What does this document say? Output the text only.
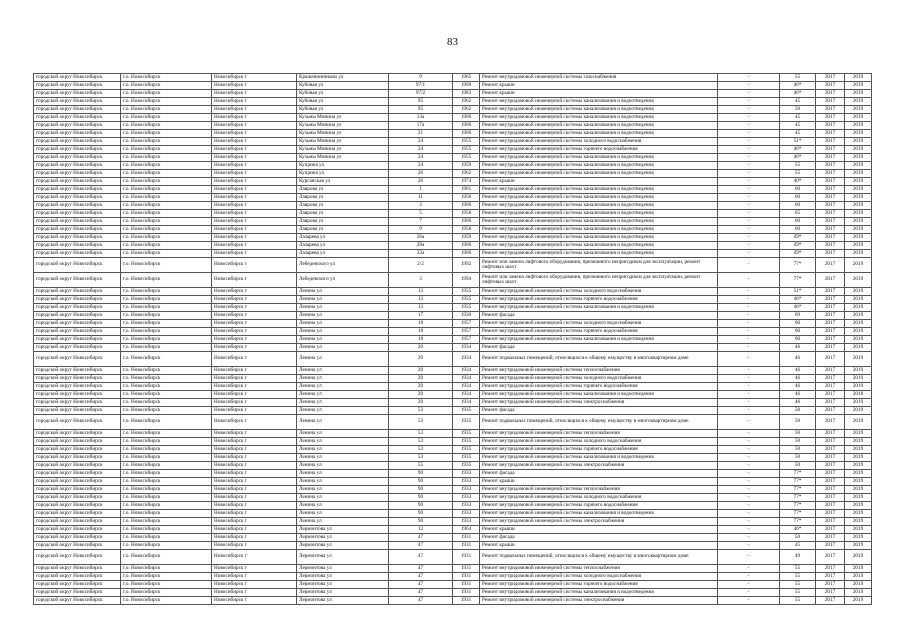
83
городской округ Новосибирск	г.о. Новосибирск	Новосибирск г	Крашенинникова ул	9	1965	Ремонт внутридомовой инженерной системы газоснабжения	-	55	2017	2019
городской округ Новосибирск	г.о. Новосибирск	Новосибирск г	Кубовая ул	97/1	1969	Ремонт крыши	-	46*	2017	2019
городской округ Новосибирск	г.о. Новосибирск	Новосибирск г	Кубовая ул	97/2	1983	Ремонт крыши	-	46*	2017	2019
городской округ Новосибирск	г.о. Новосибирск	Новосибирск г	Кубовая ул	95	1962	Ремонт внутридомовой инженерной системы канализования и водоотведения	-	45	2017	2019
городской округ Новосибирск	г.о. Новосибирск	Новосибирск г	Кубовая ул	95	1962	Ремонт внутридомовой инженерной системы канализования и водоотведения	-	50	2017	2019
городской округ Новосибирск	г.о. Новосибирск	Новосибирск г	Кузьмы Минина ул	13а	1960	Ремонт внутридомовой инженерной системы канализования и водоотведения	-	45	2017	2019
городской округ Новосибирск	г.о. Новосибирск	Новосибирск г	Кузьмы Минина ул	17а	1960	Ремонт внутридомовой инженерной системы канализования и водоотведения	-	45	2017	2019
городской округ Новосибирск	г.о. Новосибирск	Новосибирск г	Кузьмы Минина ул	21	1960	Ремонт внутридомовой инженерной системы канализования и водоотведения	-	45	2017	2019
городской округ Новосибирск	г.о. Новосибирск	Новосибирск г	Кузьмы Минина ул	24	1955	Ремонт внутридомовой инженерной системы холодного водоснабжения	-	51*	2017	2019
городской округ Новосибирск	г.о. Новосибирск	Новосибирск г	Кузьмы Минина ул	24	1955	Ремонт внутридомовой инженерной системы горячего водоснабжения	-	46*	2017	2019
городской округ Новосибирск	г.о. Новосибирск	Новосибирск г	Кузьмы Минина ул	24	1955	Ремонт внутридомовой инженерной системы канализования и водоотведения	-	46*	2017	2019
городской округ Новосибирск	г.о. Новосибирск	Новосибирск г	Куприна ул	24	1959	Ремонт внутридомовой инженерной системы канализования и водоотведения	-	55	2017	2019
городской округ Новосибирск	г.о. Новосибирск	Новосибирск г	Куприна ул	26	1962	Ремонт внутридомовой инженерной системы канализования и водоотведения	-	55	2017	2019
городской округ Новосибирск	г.о. Новосибирск	Новосибирск г	Курганская ул	26	1974	Ремонт крыши	-	40*	2017	2019
городской округ Новосибирск	г.о. Новосибирск	Новосибирск г	Лаврова ул	1	1961	Ремонт внутридомовой инженерной системы канализования и водоотведения	-	60	2017	2019
городской округ Новосибирск	г.о. Новосибирск	Новосибирск г	Лаврова ул	11	1956	Ремонт внутридомовой инженерной системы канализования и водоотведения	-	60	2017	2019
городской округ Новосибирск	г.о. Новосибирск	Новосибирск г	Лаврова ул	3	1960	Ремонт внутридомовой инженерной системы канализования и водоотведения	-	60	2017	2019
городской округ Новосибирск	г.о. Новосибирск	Новосибирск г	Лаврова ул	5	1958	Ремонт внутридомовой инженерной системы канализования и водоотведения	-	65	2017	2019
городской округ Новосибирск	г.о. Новосибирск	Новосибирск г	Лаврова ул	7	1960	Ремонт внутридомовой инженерной системы канализования и водоотведения	-	60	2017	2019
городской округ Новосибирск	г.о. Новосибирск	Новосибирск г	Лаврова ул	9	1958	Ремонт внутридомовой инженерной системы канализования и водоотведения	-	60	2017	2019
городской округ Новосибирск	г.о. Новосибирск	Новосибирск г	Лазарева ул	26а	1959	Ремонт внутридомовой инженерной системы канализования и водоотведения	-	49*	2017	2019
городской округ Новосибирск	г.о. Новосибирск	Новосибирск г	Лазарева ул	28а	1960	Ремонт внутридомовой инженерной системы канализования и водоотведения	-	49*	2017	2019
городской округ Новосибирск	г.о. Новосибирск	Новосибирск г	Лазарева ул	32а	1960	Ремонт внутридомовой инженерной системы канализования и водоотведения	-	49*	2017	2019
городской округ Новосибирск	г.о. Новосибирск	Новосибирск г	Лебедевского ул	2/2	1992	Ремонт или замена лифтового оборудования, признанного непригодным для эксплуатации, ремонт лифтовых шахт	-	77*	2017	2019
городской округ Новосибирск	г.о. Новосибирск	Новосибирск г	Лебедевского ул	3	1994	Ремонт или замена лифтового оборудования, признанного непригодным для эксплуатации, ремонт лифтовых шахт	-	77*	2017	2019
городской округ Новосибирск	г.о. Новосибирск	Новосибирск г	Ленина ул	13	1955	Ремонт внутридомовой инженерной системы холодного водоснабжения	-	51*	2017	2019
городской округ Новосибирск	г.о. Новосибирск	Новосибирск г	Ленина ул	13	1955	Ремонт внутридомовой инженерной системы горячего водоснабжения	-	46*	2017	2019
городской округ Новосибирск	г.о. Новосибирск	Новосибирск г	Ленина ул	13	1955	Ремонт внутридомовой инженерной системы канализования и водоотведения	-	46*	2017	2019
городской округ Новосибирск	г.о. Новосибирск	Новосибирск г	Ленина ул	17	1930	Ремонт фасада	-	69	2017	2019
городской округ Новосибирск	г.о. Новосибирск	Новосибирск г	Ленина ул	18	1957	Ремонт внутридомовой инженерной системы холодного водоснабжения	-	60	2017	2019
городской округ Новосибирск	г.о. Новосибирск	Новосибирск г	Ленина ул	18	1957	Ремонт внутридомовой инженерной системы горячего водоснабжения	-	60	2017	2019
городской округ Новосибирск	г.о. Новосибирск	Новосибирск г	Ленина ул	18	1957	Ремонт внутридомовой инженерной системы канализования и водоотведения	-	60	2017	2019
городской округ Новосибирск	г.о. Новосибирск	Новосибирск г	Ленина ул	20	1934	Ремонт фасада	-	46	2017	2019
городской округ Новосибирск	г.о. Новосибирск	Новосибирск г	Ленина ул	20	1934	Ремонт подвальных помещений, относящихся к общему имуществу в многоквартирном доме	-	46	2017	2019
городской округ Новосибирск	г.о. Новосибирск	Новосибирск г	Ленина ул	20	1934	Ремонт внутридомовой инженерной системы теплоснабжения	-	46	2017	2019
городской округ Новосибирск	г.о. Новосибирск	Новосибирск г	Ленина ул	20	1934	Ремонт внутридомовой инженерной системы холодного водоснабжения	-	46	2017	2019
городской округ Новосибирск	г.о. Новосибирск	Новосибирск г	Ленина ул	20	1934	Ремонт внутридомовой инженерной системы горячего водоснабжения	-	46	2017	2019
городской округ Новосибирск	г.о. Новосибирск	Новосибирск г	Ленина ул	20	1934	Ремонт внутридомовой инженерной системы канализования и водоотведения	-	46	2017	2018
городской округ Новосибирск	г.о. Новосибирск	Новосибирск г	Ленина ул	20	1934	Ремонт внутридомовой инженерной системы электроснабжения	-	46	2017	2019
городской округ Новосибирск	г.о. Новосибирск	Новосибирск г	Ленина ул	53	1935	Ремонт фасада	-	50	2017	2019
городской округ Новосибирск	г.о. Новосибирск	Новосибирск г	Ленина ул	53	1935	Ремонт подвальных помещений, относящихся к общему имуществу в многоквартирном доме	-	50	2017	2019
городской округ Новосибирск	г.о. Новосибирск	Новосибирск г	Ленина ул	53	1935	Ремонт внутридомовой инженерной системы теплоснабжения	-	50	2017	2019
городской округ Новосибирск	г.о. Новосибирск	Новосибирск г	Ленина ул	53	1935	Ремонт внутридомовой инженерной системы холодного водоснабжения	-	50	2017	2019
городской округ Новосибирск	г.о. Новосибирск	Новосибирск г	Ленина ул	53	1935	Ремонт внутридомовой инженерной системы горячего водоснабжения	-	50	2017	2019
городской округ Новосибирск	г.о. Новосибирск	Новосибирск г	Ленина ул	53	1935	Ремонт внутридомовой инженерной системы канализования и водоотведения	-	50	2017	2019
городской округ Новосибирск	г.о. Новосибирск	Новосибирск г	Ленина ул	55	1935	Ремонт внутридомовой инженерной системы электроснабжения	-	50	2017	2019
городской округ Новосибирск	г.о. Новосибирск	Новосибирск г	Ленина ул	90	1933	Ремонт фасада	-	77*	2017	2019
городской округ Новосибирск	г.о. Новосибирск	Новосибирск г	Ленина ул	90	1933	Ремонт крыши	-	77*	2017	2019
городской округ Новосибирск	г.о. Новосибирск	Новосибирск г	Ленина ул	90	1933	Ремонт внутридомовой инженерной системы теплоснабжения	-	77*	2017	2019
городской округ Новосибирск	г.о. Новосибирск	Новосибирск г	Ленина ул	90	1933	Ремонт внутридомовой инженерной системы холодного водоснабжения	-	77*	2017	2019
городской округ Новосибирск	г.о. Новосибирск	Новосибирск г	Ленина ул	90	1933	Ремонт внутридомовой инженерной системы горячего водоснабжения	-	77*	2017	2019
городской округ Новосибирск	г.о. Новосибирск	Новосибирск г	Ленина ул	90	1933	Ремонт внутридомовой инженерной системы канализования и водоотведения	-	77*	2017	2019
городской округ Новосибирск	г.о. Новосибирск	Новосибирск г	Ленина ул	90	1933	Ремонт внутридомовой инженерной системы электроснабжения	-	77*	2017	2019
городской округ Новосибирск	г.о. Новосибирск	Новосибирск г	Лермонтова ул	12	1964	Ремонт крыши	-	46*	2017	2019
городской округ Новосибирск	г.о. Новосибирск	Новосибирск г	Лермонтова ул	47	1931	Ремонт фасада	-	50	2017	2019
городской округ Новосибирск	г.о. Новосибирск	Новосибирск г	Лермонтова ул	47	1931	Ремонт крыши	-	45	2017	2019
городской округ Новосибирск	г.о. Новосибирск	Новосибирск г	Лермонтова ул	47	1931	Ремонт подвальных помещений, относящихся к общему имуществу в многоквартирном доме	-	49	2017	2019
городской округ Новосибирск	г.о. Новосибирск	Новосибирск г	Лермонтова ул	47	1931	Ремонт внутридомовой инженерной системы теплоснабжения	-	55	2017	2019
городской округ Новосибирск	г.о. Новосибирск	Новосибирск г	Лермонтова ул	47	1931	Ремонт внутридомовой инженерной системы холодного водоснабжения	-	55	2017	2019
городской округ Новосибирск	г.о. Новосибирск	Новосибирск г	Лермонтова ул	47	1931	Ремонт внутридомовой инженерной системы горячего водоснабжения	-	55	2017	2019
городской округ Новосибирск	г.о. Новосибирск	Новосибирск г	Лермонтова ул	47	1931	Ремонт внутридомовой инженерной системы канализования и водоотведения	-	55	2017	2019
городской округ Новосибирск	г.о. Новосибирск	Новосибирск г	Лермонтова ул	47	1931	Ремонт внутридомовой инженерной системы электроснабжения	-	55	2017	2019
